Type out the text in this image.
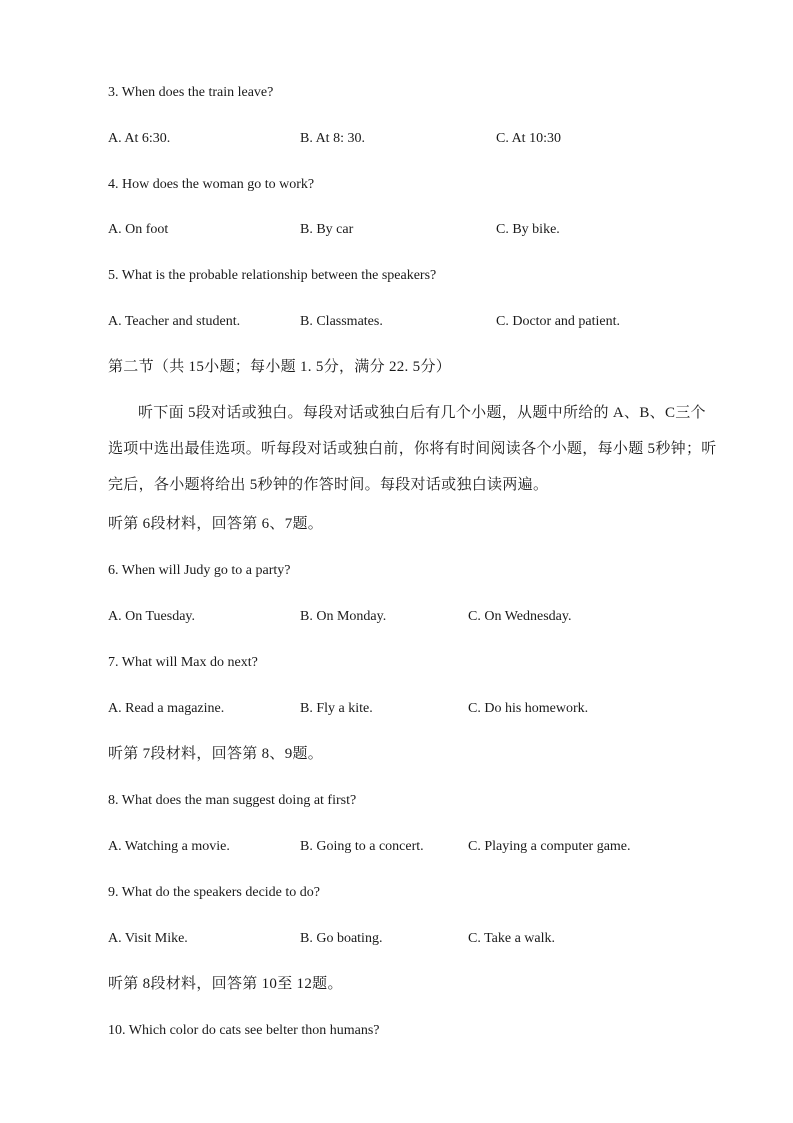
3. When does the train leave?
A. At 6:30.	B. At 8: 30.	C. At 10:30
4. How does the woman go to work?
A. On foot	B. By car	C. By bike.
5. What is the probable relationship between the speakers?
A. Teacher and student.	B. Classmates.	C. Doctor and patient.
第二节（共 15小题；每小题 1. 5分，满分 22. 5分）
听下面 5段对话或独白。每段对话或独白后有几个小题，从题中所给的 A、B、C三个选项中选出最佳选项。听每段对话或独白前，你将有时间阅读各个小题，每小题 5秒钟；听完后，各小题将给出 5秒钟的作答时间。每段对话或独白读两遍。
听第 6段材料，回答第 6、7题。
6. When will Judy go to a party?
A. On Tuesday.	B. On Monday.	C. On Wednesday.
7. What will Max do next?
A. Read a magazine.	B. Fly a kite.	C. Do his homework.
听第 7段材料，回答第 8、9题。
8. What does the man suggest doing at first?
A. Watching a movie.	B. Going to a concert.	C. Playing a computer game.
9. What do the speakers decide to do?
A. Visit Mike.	B. Go boating.	C. Take a walk.
听第 8段材料，回答第 10至 12题。
10. Which color do cats see belter thon humans?
